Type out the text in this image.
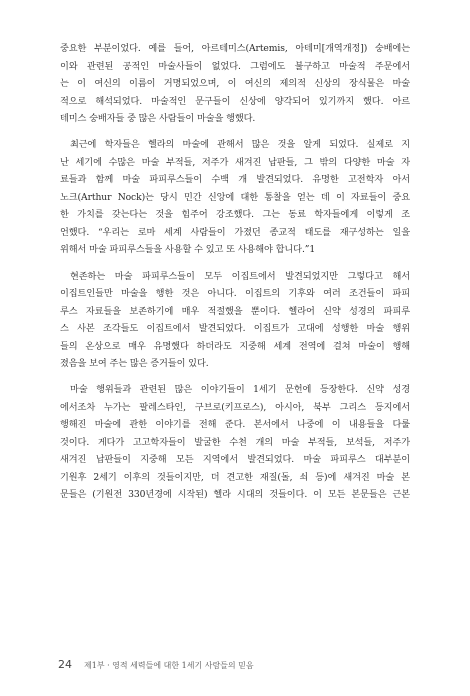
중요한 부분이었다. 예를 들어, 아르테미스(Artemis, 아테미[개역개정]) 숭배에는
이와 관련된 공적인 마술사들이 없었다. 그럼에도 불구하고 마술적 주문에서
는 이 여신의 이름이 거명되었으며, 이 여신의 제의적 신상의 장식물은 마술
적으로 해석되었다. 마술적인 문구들이 신상에 양각되어 있기까지 했다. 아르
테미스 숭배자들 중 많은 사람들이 마술을 행했다.
최근에 학자들은 헬라의 마술에 관해서 많은 것을 알게 되었다. 실제로 지
난 세기에 수많은 마술 부적들, 저주가 새겨진 납판들, 그 밖의 다양한 마술 자
료들과 함께 마술 파피루스들이 수백 개 발견되었다. 유명한 고전학자 아서
노크(Arthur Nock)는 당시 민간 신앙에 대한 통찰을 얻는 데 이 자료들이 중요
한 가치를 갖는다는 것을 힘주어 강조했다. 그는 동료 학자들에게 이렇게 조
언했다. “우리는 로마 세계 사람들이 가졌던 종교적 태도를 재구성하는 일을
위해서 마술 파피루스들을 사용할 수 있고 또 사용해야 합니다.”1
현존하는 마술 파피루스들이 모두 이집트에서 발견되었지만 그렇다고 해서
이집트인들만 마술을 행한 것은 아니다. 이집트의 기후와 여러 조건들이 파피
루스 자료들을 보존하기에 매우 적절했을 뿐이다. 헬라어 신약 성경의 파피루
스 사본 조각들도 이집트에서 발견되었다. 이집트가 고대에 성행한 마술 행위
들의 온상으로 매우 유명했다 하더라도 지중해 세계 전역에 걸쳐 마술이 행해
졌음을 보여 주는 많은 증거들이 있다.
마술 행위들과 관련된 많은 이야기들이 1세기 문헌에 등장한다. 신약 성경
에서조차 누가는 팔레스타인, 구브로(키프로스), 아시아, 북부 그리스 등지에서
행해진 마술에 관한 이야기를 전해 준다. 본서에서 나중에 이 내용들을 다룰
것이다. 게다가 고고학자들이 발굴한 수천 개의 마술 부적들, 보석들, 저주가
새겨진 납판들이 지중해 모든 지역에서 발견되었다. 마술 파피루스 대부분이
기원후 2세기 이후의 것들이지만, 더 견고한 재질(돌, 쇠 등)에 새겨진 마술 본
문들은 (기원전 330년경에 시작된) 헬라 시대의 것들이다. 이 모든 본문들은 근본
24 제1부 · 영적 세력들에 대한 1세기 사람들의 믿음
